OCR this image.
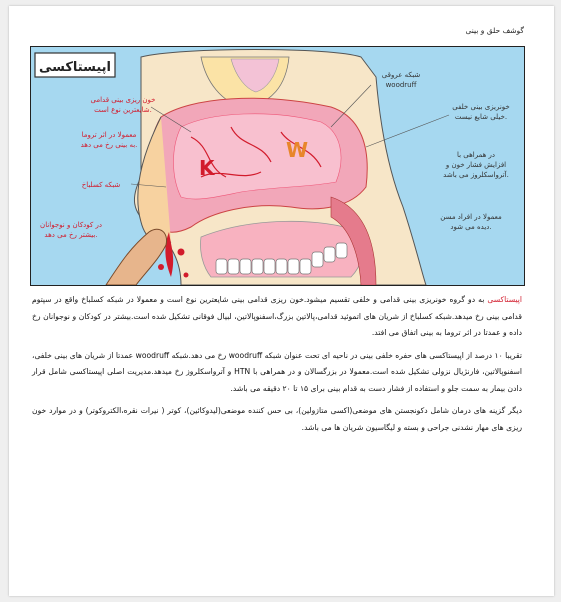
گوشف حلق و بینی
اپیستاکسی
K
W
خون ریزی بینی قدامی
شایعترین نوع است.
معمولا در اثر تروما
به بینی رخ می دهد.
شبکه کسلباخ
در کودکان و نوجوانان
بیشتر رخ می دهد.
شبکه عروقی
woodruff
خونریزی بینی خلفی
خیلی شایع نیست.
در همراهی با
افزایش فشار خون و
آترواسکلروز می باشد.
معمولا در افراد مسن
دیده می شود.

اپیستاکسی به دو گروه خونریزی بینی قدامی و خلفی تقسیم میشود.خون ریزی قدامی بینی شایعترین نوع است و معمولا در شبکه کسلباخ واقع در سپتوم قدامی بینی رخ میدهد.شبکه کسلباخ از شریان های اتموئید قدامی،پالاتین بزرگ،اسفنوپالاتین، لبیال فوقانی تشکیل شده است.بیشتر در کودکان و نوجوانان رخ داده و عمدتا در اثر تروما به بینی اتفاق می افتد.

تقریبا ۱۰ درصد از اپیستاکسی های حفره خلفی بینی در ناحیه ای تحت عنوان شبکه woodruff رخ می دهد.شبکه woodruff عمدتا از شریان های بینی خلفی، اسفنوپالاتین، فارنژیال نزولی تشکیل شده است.معمولا در بزرگسالان و در همراهی با HTN و آترواسکلروز رخ میدهد.مدیریت اصلی اپیستاکسی شامل قرار دادن بیمار به سمت جلو و استفاده از فشار دست به قدام بینی برای ۱۵ تا ۲۰ دقیقه می باشد.

دیگر گزینه های درمان شامل دکونجستن های موضعی(اکسی متازولین)، بی حس کننده موضعی(لیدوکائین)، کوتر ( نیرات نقره،الکتروکوتر) و در موارد خون ریزی های مهار نشدنی جراحی و بسته و لیگاسیون شریان ها می باشد.
